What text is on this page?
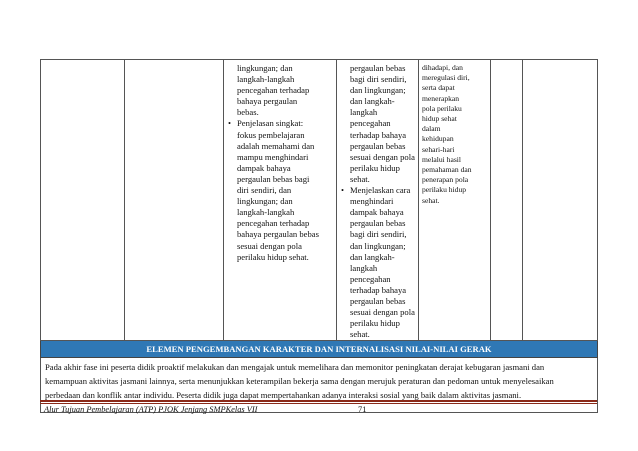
lingkungan; dan
langkah-langkah
pencegahan terhadap
bahaya pergaulan
bebas.
• Penjelasan singkat:
fokus pembelajaran
adalah memahami dan
mampu menghindari
dampak bahaya
pergaulan bebas bagi
diri sendiri, dan
lingkungan; dan
langkah-langkah
pencegahan terhadap
bahaya pergaulan bebas
sesuai dengan pola
perilaku hidup sehat.

pergaulan bebas
bagi diri sendiri,
dan lingkungan;
dan langkah-
langkah
pencegahan
terhadap bahaya
pergaulan bebas
sesuai dengan pola
perilaku hidup
sehat.
• Menjelaskan cara
menghindari
dampak bahaya
pergaulan bebas
bagi diri sendiri,
dan lingkungan;
dan langkah-
langkah
pencegahan
terhadap bahaya
pergaulan bebas
sesuai dengan pola
perilaku hidup
sehat.

dihadapi, dan
meregulasi diri,
serta dapat
menerapkan
pola perilaku
hidup sehat
dalam
kehidupan
sehari-hari
melalui hasil
pemahaman dan
penerapan pola
perilaku hidup
sehat.

ELEMEN PENGEMBANGAN KARAKTER DAN INTERNALISASI NILAI-NILAI GERAK

Pada akhir fase ini peserta didik proaktif melakukan dan mengajak untuk memelihara dan memonitor peningkatan derajat kebugaran jasmani dan
kemampuan aktivitas jasmani lainnya, serta menunjukkan keterampilan bekerja sama dengan merujuk peraturan dan pedoman untuk menyelesaikan
perbedaan dan konflik antar individu. Peserta didik juga dapat mempertahankan adanya interaksi sosial yang baik dalam aktivitas jasmani.
Alur Tujuan Pembelajaran (ATP) PJOK Jenjang SMPKelas VII	71
